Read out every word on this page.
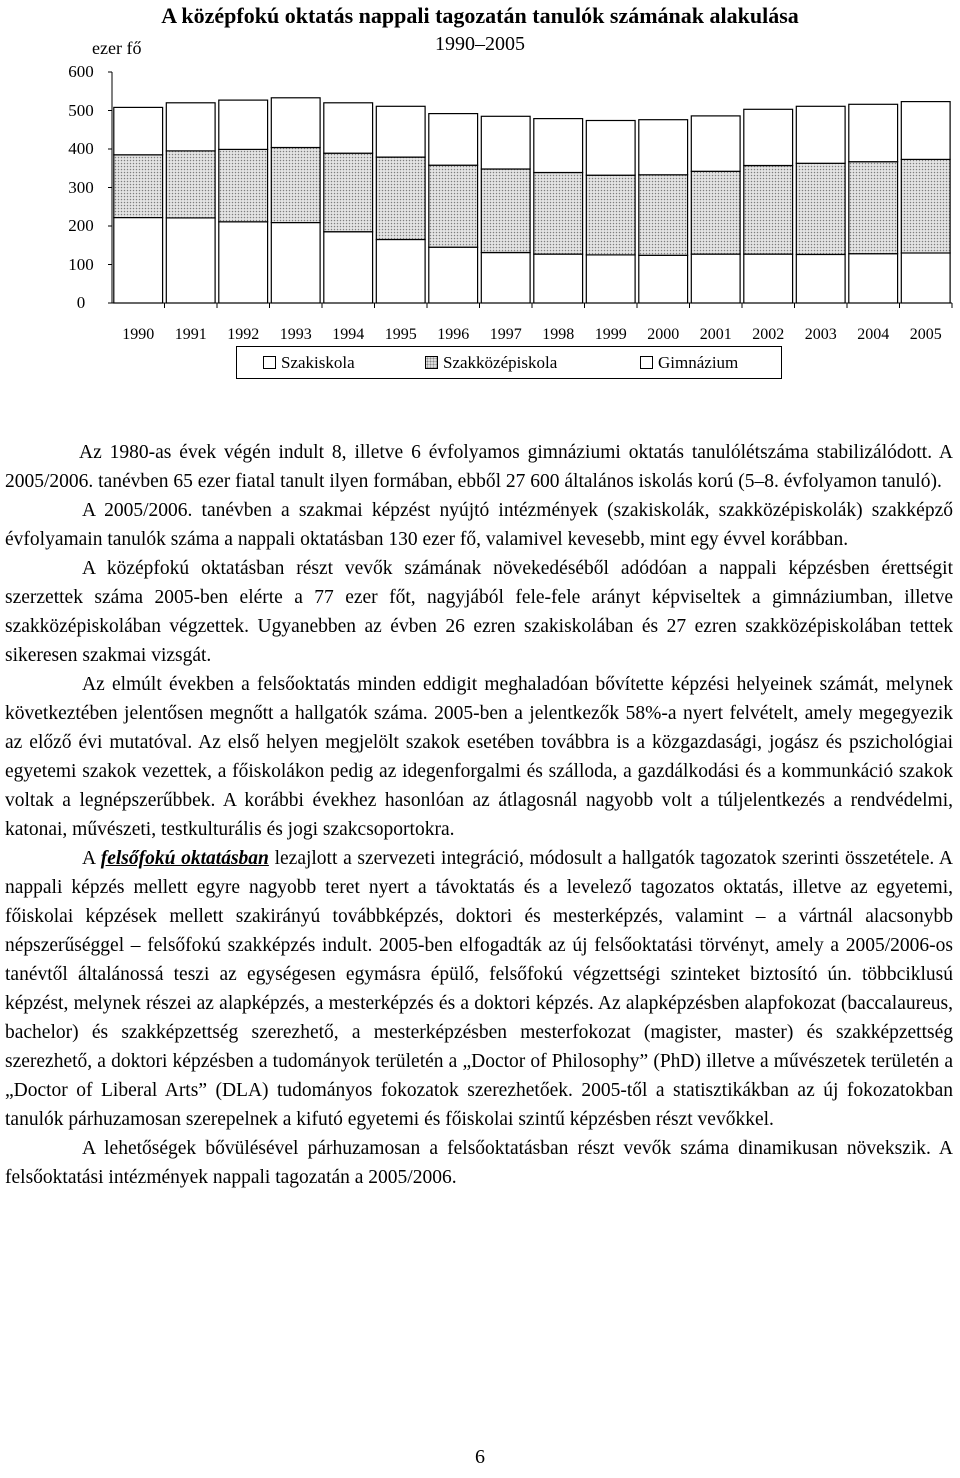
A középfokú oktatás nappali tagozatán tanulók számának alakulása
1990–2005
ezer fő
600
500
400
300
200
100
0
1990	1991	1992	1993	1994	1995	1996	1997	1998	1999	2000	2001	2002	2003	2004	2005
Szakiskola	Szakközépiskola	Gimnázium

Az 1980-as évek végén indult 8, illetve 6 évfolyamos gimnáziumi oktatás tanulólétszáma stabilizálódott. A 2005/2006. tanévben 65 ezer fiatal tanult ilyen formában, ebből 27 600 általános iskolás korú (5–8. évfolyamon tanuló).

A 2005/2006. tanévben a szakmai képzést nyújtó intézmények (szakiskolák, szakközépiskolák) szakképző évfolyamain tanulók száma a nappali oktatásban 130 ezer fő, valamivel kevesebb, mint egy évvel korábban.

A középfokú oktatásban részt vevők számának növekedéséből adódóan a nappali képzésben érettségit szerzettek száma 2005-ben elérte a 77 ezer főt, nagyjából fele-fele arányt képviseltek a gimnáziumban, illetve szakközépiskolában végzettek. Ugyanebben az évben 26 ezren szakiskolában és 27 ezren szakközépiskolában tettek sikeresen szakmai vizsgát.

Az elmúlt években a felsőoktatás minden eddigit meghaladóan bővítette képzési helyeinek számát, melynek következtében jelentősen megnőtt a hallgatók száma. 2005-ben a jelentkezők 58%-a nyert felvételt, amely megegyezik az előző évi mutatóval. Az első helyen megjelölt szakok esetében továbbra is a közgazdasági, jogász és pszichológiai egyetemi szakok vezettek, a főiskolákon pedig az idegenforgalmi és szálloda, a gazdálkodási és a kommunkáció szakok voltak a legnépszerűbbek. A korábbi évekhez hasonlóan az átlagosnál nagyobb volt a túljelentkezés a rendvédelmi, katonai, művészeti, testkulturális és jogi szakcsoportokra.

A felsőfokú oktatásban lezajlott a szervezeti integráció, módosult a hallgatók tagozatok szerinti összetétele. A nappali képzés mellett egyre nagyobb teret nyert a távoktatás és a levelező tagozatos oktatás, illetve az egyetemi, főiskolai képzések mellett szakirányú továbbképzés, doktori és mesterképzés, valamint – a vártnál alacsonybb népszerűséggel – felsőfokú szakképzés indult. 2005-ben elfogadták az új felsőoktatási törvényt, amely a 2005/2006-os tanévtől általánossá teszi az egységesen egymásra épülő, felsőfokú végzettségi szinteket biztosító ún. többciklusú képzést, melynek részei az alapképzés, a mesterképzés és a doktori képzés. Az alapképzésben alapfokozat (baccalaureus, bachelor) és szakképzettség szerezhető, a mesterképzésben mesterfokozat (magister, master) és szakképzettség szerezhető, a doktori képzésben a tudományok területén a „Doctor of Philosophy” (PhD) illetve a művészetek területén a „Doctor of Liberal Arts” (DLA) tudományos fokozatok szerezhetőek. 2005-től a statisztikákban az új fokozatokban tanulók párhuzamosan szerepelnek a kifutó egyetemi és főiskolai szintű képzésben részt vevőkkel.

A lehetőségek bővülésével párhuzamosan a felsőoktatásban részt vevők száma dinamikusan növekszik. A felsőoktatási intézmények nappali tagozatán a 2005/2006.

6
